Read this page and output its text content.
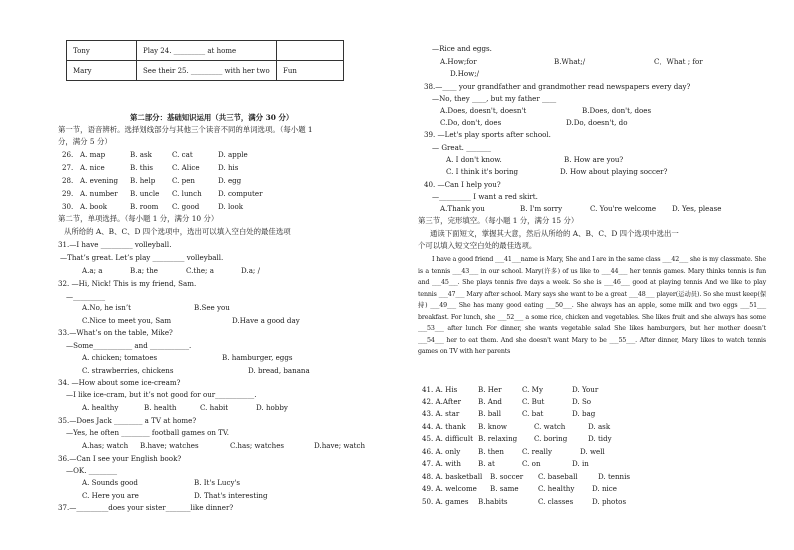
Tony	Play 24. _________ at home	
Mary	See their 25. _________ with her two	Fun
第二部分：基础知识运用（共三节，满分 30 分）
第一节，语音辨析。选择划线部分与其他三个读音不同的单词选项。（每小题 1
分，满分 5 分）
26. A. map	B. ask	C. cat	D. apple
27. A. nice	B. this	C. Alice	D. his
28. A. evening B. help C. pen	D. egg
29. A. number B. uncle C. lunch D. computer
30. A. book	B. room C. good	D. look
第二节，单项选择。（每小题 1 分，满分 10 分）
从所给的 A、B、C、D 四个选项中，选出可以填入空白处的最佳选项
31.—I have _________ volleyball.
—That’s great. Let’s play _________ volleyball.
A.a; a	B.a; the	C.the; a	D.a; /
32. —Hi, Nick! This is my friend, Sam.
—_________
A.No, he isn’t	B.See you
C.Nice to meet you, Sam	D.Have a good day
33.—What’s on the table, Mike?
—Some___________ and ___________.
A. chicken; tomatoes	B. hamburger, eggs
C. strawberries, chickens	D. bread, banana
34. —How about some ice-cream?
—I like ice-cram, but it’s not good for our___________.
A. healthy	B. health	C. habit	D. hobby
35.—Does Jack ________ a TV at home?
—Yes, he often ________ football games on TV.
A.has; watch B.have; watches	C.has; watches	D.have; watch
36.—Can I see your English book?
—OK. ________
A. Sounds good	B. It's Lucy's
C. Here you are	D. That's interesting
37.—_________does your sister_______like dinner?
—Rice and eggs.
A.How;for	B.What;/	C．What ; for
D.How;/
38.—____ your grandfather and grandmother read newspapers every day?
—No, they ____, but my father ____
A.Does, doesn't, doesn't	B.Does, don't, does
C.Do, don't, does	D.Do, doesn't, do
39. —Let's play sports after school.
— Great. _______
A. I don't know.	B. How are you?
C. I think it's boring	D. How about playing soccer?
40. —Can I help you?
—_________ I want a red skirt.
A.Thank you	B. I'm sorry	C. You're welcome D. Yes, please
第三节，完形填空。（每小题 1 分，满分 15 分）
通读下面短文，掌握其大意，然后从所给的 A、B、C、D 四个选项中选出一
个可以填入短文空白处的最佳选项。
I have a good friend ___41___name is Mary, She and I are in the same class ___42___ she is my classmate. She is a tennis ___43___ in our school. Mary(许多) of us like to ___44___ her tennis games. Mary thinks tennis is fun and ___45___. She plays tennis five days a week. So she is ___46___ good at playing tennis And we like to play tennis ___47___ Mary after school. Mary says she want to be a great ___48___ player(运动员). So she must keep(保持) ___49___ She has many good eating ___50___. She always has an apple, some milk and two eggs ___51___ breakfast. For lunch, she ___52___ a some rice, chicken and vegetables. She likes fruit and she always has some ___53___ after lunch For dinner, she wants vegetable salad She likes hamburgers, but her mother doesn’t ___54___ her to eat them. And she doesn't want Mary to be ___55___. After dinner, Mary likes to watch tennis games on TV with her parents
41. A. His	B. Her	C. My	D. Your
42. A.After B. And	C. But	D. So
43. A. star	B. ball	C. bat	D. bag
44. A. thank B. know	C. watch	D. ask
45. A. difficult B. relaxing C. boring	D. tidy
46. A. only B. then	C. really	D. well
47. A. with B. at	C. on	D. in
48. A. basketball B. soccer C. baseball	D. tennis
49. A. welcome B. same	C. healthy D. nice
50. A. games B.habits	C. classes	D. photos
